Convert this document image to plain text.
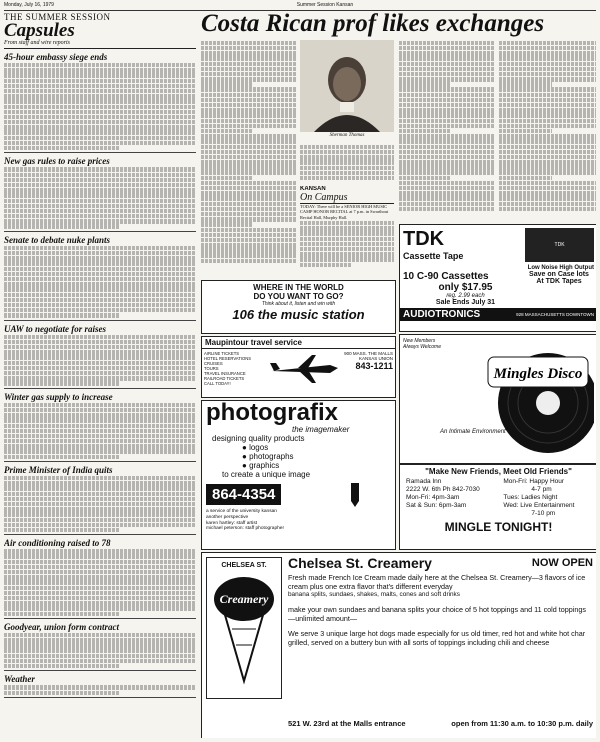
Monday, July 16, 1979	Summer Session Kansan
THE SUMMER SESSION
Capsules
From staff and wire reports
45-hour embassy siege ends
New gas rules to raise prices
Senate to debate nuke plants
UAW to negotiate for raises
Winter gas supply to increase
Prime Minister of India quits
Air conditioning raised to 78
Goodyear, union form contract
Weather
Costa Rican prof likes exchanges
Sherman Thomas
KANSAN
On Campus
TODAY: There will be a SENIOR HIGH MUSIC CAMP HONOR RECITAL at 7 p.m. in Swarthout Recital Hall, Murphy Hall.
TDK
Cassette Tape
TDK
Low Noise High Output
10 C-90 Cassettes
only $17.95
reg. 2.99 each
Sale Ends July 31
Save on Case lots At TDK Tapes
AUDIOTRONICS	928 MASSACHUSETTS DOWNTOWN
WHERE IN THE WORLD
DO YOU WANT TO GO?
Think about it, listen and win with
106 the music station
Maupintour travel service
AIRLINE TICKETS
HOTEL RESERVATIONS
CRUISES
TOURS
TRAVEL INSURANCE
RAILROAD TICKETS
CALL TODAY!
900 MASS. THE MALLS KANSAS UNION
843-1211
New Members Always Welcome
Mingles Disco
An Intimate Environment
photografix
the imagemaker
designing quality products
● logos
● photographs
● graphics
to create a unique image
864-4354
a service of the university kansan
another perspective
karen hartley: staff artist
michael peterson: staff photographer
"Make New Friends, Meet Old Friends"
Ramada Inn
2222 W. 6th Ph 842-7030
Mon-Fri: 4pm-3am
Sat & Sun: 6pm-3am
Mon-Fri: Happy Hour
4-7 pm
Tues: Ladies Night
Wed: Live Entertainment
7-10 pm
MINGLE TONIGHT!
CHELSEA ST.
Creamery
Chelsea St. Creamery	NOW OPEN
Fresh made French Ice Cream made daily here at the Chelsea St. Creamery—3 flavors of ice cream plus one extra flavor that's different everyday
banana splits, sundaes, shakes, malts, cones and soft drinks
make your own sundaes and banana splits your choice of 5 hot toppings and 11 cold toppings —unlimited amount—
We serve 3 unique large hot dogs made especially for us old timer, red hot and white hot char grilled, served on a buttery bun with all sorts of toppings including chili and cheese
521 W. 23rd at the Malls entrance	open from 11:30 a.m. to 10:30 p.m. daily
